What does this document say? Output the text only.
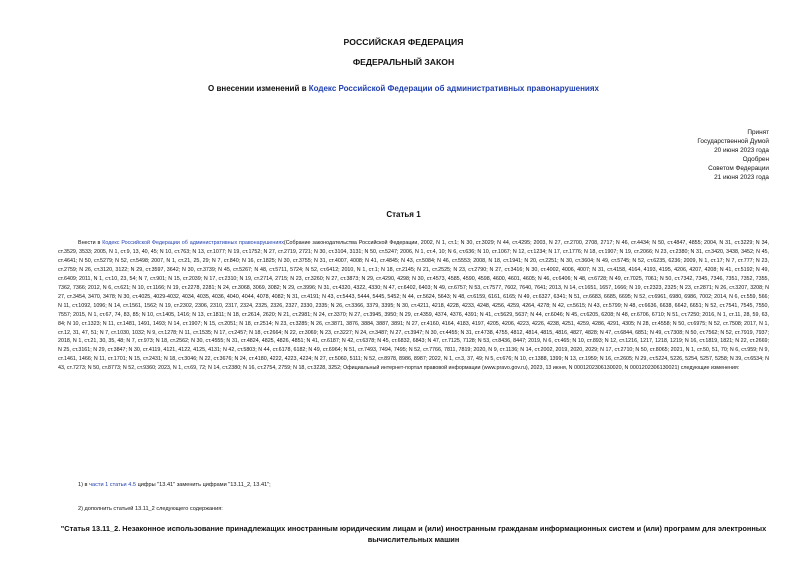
РОССИЙСКАЯ ФЕДЕРАЦИЯ
ФЕДЕРАЛЬНЫЙ ЗАКОН
О внесении изменений в Кодекс Российской Федерации об административных правонарушениях
Принят
Государственной Думой
20 июня 2023 года
Одобрен
Советом Федерации
21 июня 2023 года
Статья 1
Внести в Кодекс Российской Федерации об административных правонарушениях(Собрание законодательства Российской Федерации, 2002, N 1, ст.1; N 30, ст.3029; N 44, ст.4295; 2003, N 27, ст.2700, 2708, 2717; N 46, ст.4434; N 50, ст.4847, 4855; 2004, N 31, ст.3229; N 34, ст.3529, 3533; 2005, N 1, ст.9, 13, 40, 45; N 10, ст.763; N 13, ст.1077; N 19, ст.1752; N 27, ст.2719, 2721; N 30, ст.3104, 3131; N 50, ст.5247; 2006, N 1, ст.4, 10; N 6, ст.636; N 10, ст.1067; N 12, ст.1234; N 17, ст.1776; N 18, ст.1907; N 19, ст.2066; N 23, ст.2380; N 31, ст.3420, 3438, 3452; N 45, ст.4641; N 50, ст.5279; N 52, ст.5498; 2007, N 1, ст.21, 25, 29; N 7, ст.840; N 16, ст.1825; N 30, ст.3755; N 31, ст.4007, 4008; N 41, ст.4845; N 43, ст.5084; N 46, ст.5553; 2008, N 18, ст.1941; N 20, ст.2251; N 30, ст.3604; N 49, ст.5745; N 52, ст.6235, 6236; 2009, N 1, ст.17; N 7, ст.777; N 23, ст.2759; N 26, ст.3120, 3122; N 29, ст.3597, 3642; N 30, ст.3739; N 45, ст.5267; N 48, ст.5711, 5724; N 52, ст.6412; 2010, N 1, ст.1; N 18, ст.2145; N 21, ст.2525; N 23, ст.2790; N 27, ст.3416; N 30, ст.4002, 4006, 4007; N 31, ст.4158, 4164, 4193, 4195, 4206, 4207, 4208; N 41, ст.5192; N 49, ст.6409; 2011, N 1, ст.10, 23, 54; N 7, ст.901; N 15, ст.2039; N 17, ст.2310; N 19, ст.2714, 2715; N 23, ст.3260; N 27, ст.3873; N 29, ст.4290, 4298; N 30, ст.4573, 4585, 4590, 4598, 4600, 4601, 4605; N 46, ст.6406; N 48, ст.6728; N 49, ст.7025, 7061; N 50, ст.7342, 7345, 7346, 7351, 7352, 7355, 7362, 7366; 2012, N 6, ст.621; N 10, ст.1166; N 19, ст.2278, 2281; N 24, ст.3068, 3069, 3082; N 29, ст.3996; N 31, ст.4320, 4322, 4330; N 47, ст.6402, 6403; N 49, ст.6757; N 53, ст.7577, 7602, 7640, 7641; 2013, N 14, ст.1651, 1657, 1666; N 19, ст.2323, 2325; N 23, ст.2871; N 26, ст.3207, 3208; N 27, ст.3454, 3470, 3478; N 30, ст.4025, 4029-4032, 4034, 4035, 4036, 4040, 4044, 4078, 4082; N 31, ст.4191; N 43, ст.5443, 5444, 5445, 5452; N 44, ст.5624, 5643; N 48, ст.6159, 6161, 6165; N 49, ст.6327, 6341; N 51, ст.6683, 6685, 6695; N 52, ст.6961, 6980, 6986, 7002; 2014, N 6, ст.559, 566; N 11, ст.1092, 1096; N 14, ст.1561, 1562; N 19, ст.2302, 2306, 2310, 2317, 2324, 2325, 2326, 2327, 2330, 2335; N 26, ст.3366, 3379, 3395; N 30, ст.4211, 4218, 4228, 4233, 4248, 4256, 4259, 4264, 4278; N 42, ст.5615; N 43, ст.5799; N 48, ст.6636, 6638, 6642, 6651; N 52, ст.7541, 7545, 7550, 7557; 2015, N 1, ст.67, 74, 83, 85; N 10, ст.1405, 1416; N 13, ст.1811; N 18, ст.2614, 2620; N 21, ст.2981; N 24, ст.3370; N 27, ст.3945, 3950; N 29, ст.4359, 4374, 4376, 4391; N 41, ст.5629, 5637; N 44, ст.6046; N 45, ст.6205, 6208; N 48, ст.6706, 6710; N 51, ст.7250; 2016, N 1, ст.11, 28, 59, 63, 84; N 10, ст.1323; N 11, ст.1481, 1491, 1493; N 14, ст.1907; N 15, ст.2051; N 18, ст.2514; N 23, ст.3285; N 26, ст.3871, 3876, 3884, 3887, 3891; N 27, ст.4160, 4164, 4183, 4197, 4205, 4206, 4223, 4226, 4238, 4251, 4259, 4286, 4291, 4305; N 28, ст.4558; N 50, ст.6975; N 52, ст.7508; 2017, N 1, ст.12, 31, 47, 51; N 7, ст.1030, 1032; N 9, ст.1278; N 11, ст.1535; N 17, ст.2457; N 18, ст.2664; N 22, ст.3069; N 23, ст.3227; N 24, ст.3487; N 27, ст.3947; N 30, ст.4455; N 31, ст.4738, 4755, 4812, 4814, 4815, 4816, 4827, 4828; N 47, ст.6844, 6851; N 49, ст.7308; N 50, ст.7562; N 52, ст.7919, 7937; 2018, N 1, ст.21, 30, 35, 48; N 7, ст.973; N 18, ст.2562; N 30, ст.4555; N 31, ст.4824, 4825, 4826, 4851; N 41, ст.6187; N 42, ст.6378; N 45, ст.6832, 6843; N 47, ст.7125, 7128; N 53, ст.8436, 8447; 2019, N 6, ст.465; N 10, ст.893; N 12, ст.1216, 1217, 1218, 1219; N 16, ст.1819, 1821; N 22, ст.2669; N 25, ст.3161; N 29, ст.3847; N 30, ст.4119, 4121, 4122, 4125, 4131; N 42, ст.5803; N 44, ст.6178, 6182; N 49, ст.6964; N 51, ст.7493, 7494, 7495; N 52, ст.7766, 7811, 7819; 2020, N 9, ст.1136; N 14, ст.2002, 2019, 2020, 2029; N 17, ст.2710; N 50, ст.8065; 2021, N 1, ст.50, 51, 70; N 6, ст.959; N 9, ст.1461, 1466; N 11, ст.1701; N 15, ст.2431; N 18, ст.3046; N 22, ст.3676; N 24, ст.4180, 4222, 4223, 4224; N 27, ст.5060, 5111; N 52, ст.8978, 8986, 8987; 2022, N 1, ст.3, 37, 49; N 5, ст.676; N 10, ст.1388, 1399; N 13, ст.1959; N 16, ст.2605; N 29, ст.5224, 5226, 5254, 5257, 5258; N 39, ст.6534; N 43, ст.7273; N 50, ст.8773; N 52, ст.9360; 2023, N 1, ст.69, 72; N 14, ст.2380; N 16, ст.2754, 2759; N 18, ст.3228, 3252; Официальный интернет-портал правовой информации (www.pravo.gov.ru), 2023, 13 июня, N 0001202306130020, N 0001202306130021) следующие изменения:
1) в части 1 статьи 4.5 цифры "13.41" заменить цифрами "13.11_2, 13.41";
2) дополнить статьей 13.11_2 следующего содержания:
"Статья 13.11_2. Незаконное использование принадлежащих иностранным юридическим лицам и (или) иностранным гражданам информационных систем и (или) программ для электронных вычислительных машин
